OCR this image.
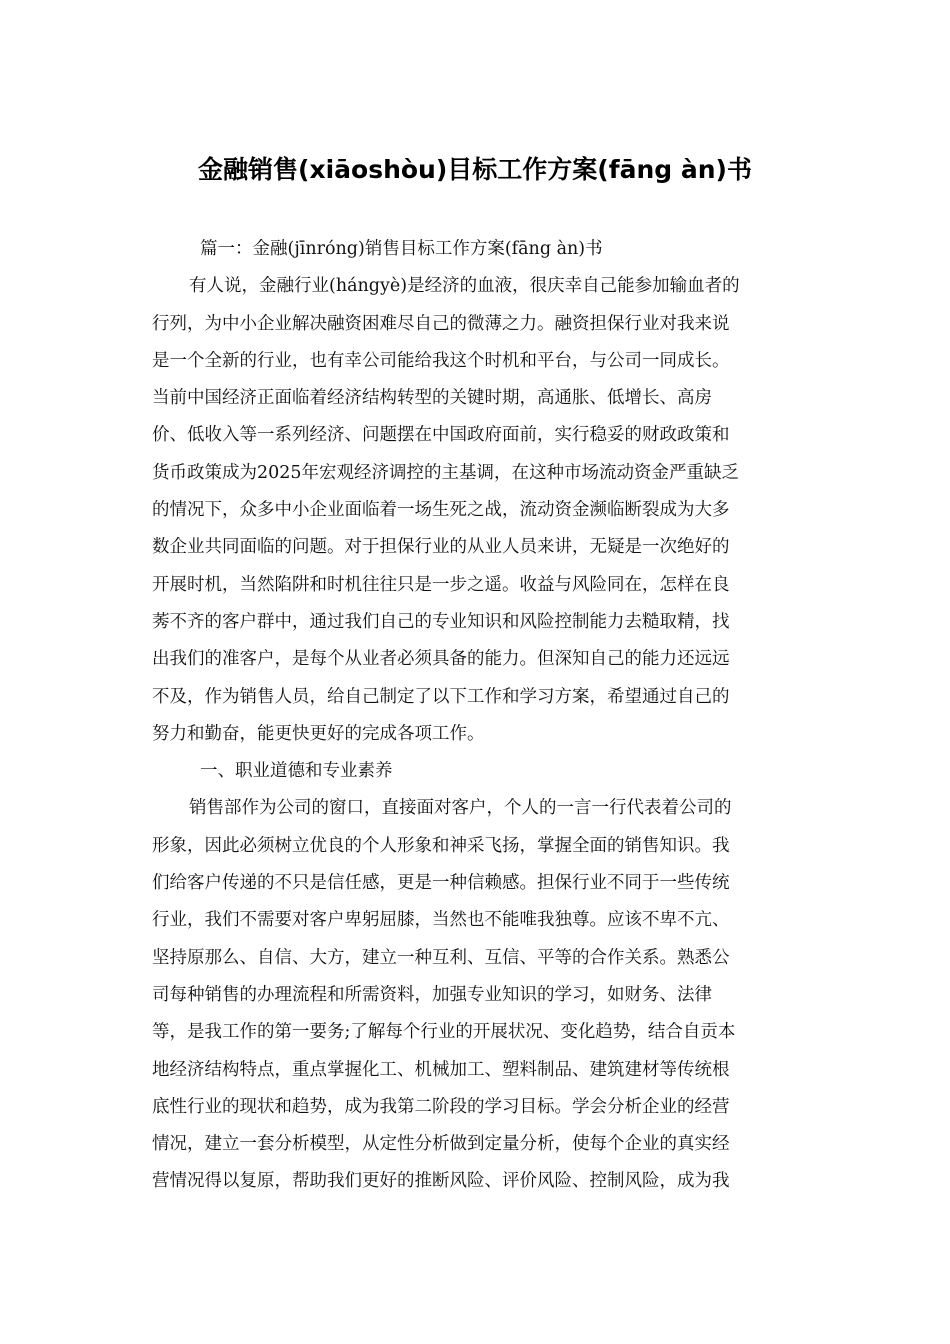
金融销售(xiāoshòu)目标工作方案(fāng àn)书
篇一：金融(jīnróng)销售目标工作方案(fāng àn)书
有人说，金融行业(hángyè)是经济的血液，很庆幸自己能参加输血者的
行列，为中小企业解决融资困难尽自己的微薄之力。融资担保行业对我来说
是一个全新的行业，也有幸公司能给我这个时机和平台，与公司一同成长。
当前中国经济正面临着经济结构转型的关键时期，高通胀、低增长、高房
价、低收入等一系列经济、问题摆在中国政府面前，实行稳妥的财政政策和
货币政策成为2025年宏观经济调控的主基调，在这种市场流动资金严重缺乏
的情况下，众多中小企业面临着一场生死之战，流动资金濒临断裂成为大多
数企业共同面临的问题。对于担保行业的从业人员来讲，无疑是一次绝好的
开展时机，当然陷阱和时机往往只是一步之遥。收益与风险同在，怎样在良
莠不齐的客户群中，通过我们自己的专业知识和风险控制能力去糙取精，找
出我们的准客户，是每个从业者必须具备的能力。但深知自己的能力还远远
不及，作为销售人员，给自己制定了以下工作和学习方案，希望通过自己的
努力和勤奋，能更快更好的完成各项工作。
一、职业道德和专业素养
销售部作为公司的窗口，直接面对客户，个人的一言一行代表着公司的
形象，因此必须树立优良的个人形象和神采飞扬，掌握全面的销售知识。我
们给客户传递的不只是信任感，更是一种信赖感。担保行业不同于一些传统
行业，我们不需要对客户卑躬屈膝，当然也不能唯我独尊。应该不卑不亢、
坚持原那么、自信、大方，建立一种互利、互信、平等的合作关系。熟悉公
司每种销售的办理流程和所需资料，加强专业知识的学习，如财务、法律
等，是我工作的第一要务;了解每个行业的开展状况、变化趋势，结合自贡本
地经济结构特点，重点掌握化工、机械加工、塑料制品、建筑建材等传统根
底性行业的现状和趋势，成为我第二阶段的学习目标。学会分析企业的经营
情况，建立一套分析模型，从定性分析做到定量分析，使每个企业的真实经
营情况得以复原，帮助我们更好的推断风险、评价风险、控制风险，成为我
